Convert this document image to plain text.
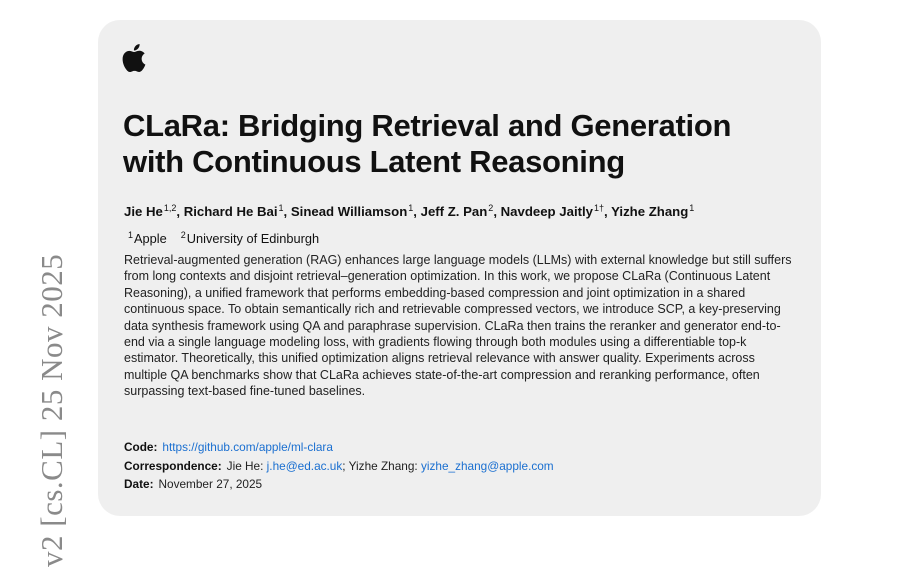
v2 [cs.CL] 25 Nov 2025
CLaRa: Bridging Retrieval and Generation
with Continuous Latent Reasoning
Jie He$^{1,2}$, Richard He Bai$^1$, Sinead Williamson$^1$, Jeff Z. Pan$^2$, Navdeep Jaitly$^{1\dagger}$, Yizhe Zhang$^1$
$^1$Apple $^2$University of Edinburgh

Retrieval-augmented generation (RAG) enhances large language models (LLMs) with external knowledge but still suffers from long contexts and disjoint retrieval–generation optimization. In this work, we propose CLaRa (Continuous Latent Reasoning), a unified framework that performs embedding-based compression and joint optimization in a shared continuous space. To obtain semantically rich and retrievable compressed vectors, we introduce SCP, a key-preserving data synthesis framework using QA and paraphrase supervision. CLaRa then trains the reranker and generator end-to-end via a single language modeling loss, with gradients flowing through both modules using a differentiable top-k estimator. Theoretically, this unified optimization aligns retrieval relevance with answer quality. Experiments across multiple QA benchmarks show that CLaRa achieves state-of-the-art compression and reranking performance, often surpassing text-based fine-tuned baselines.

Code: https://github.com/apple/ml-clara
Correspondence: Jie He: j.he@ed.ac.uk; Yizhe Zhang: yizhe_zhang@apple.com
Date: November 27, 2025
